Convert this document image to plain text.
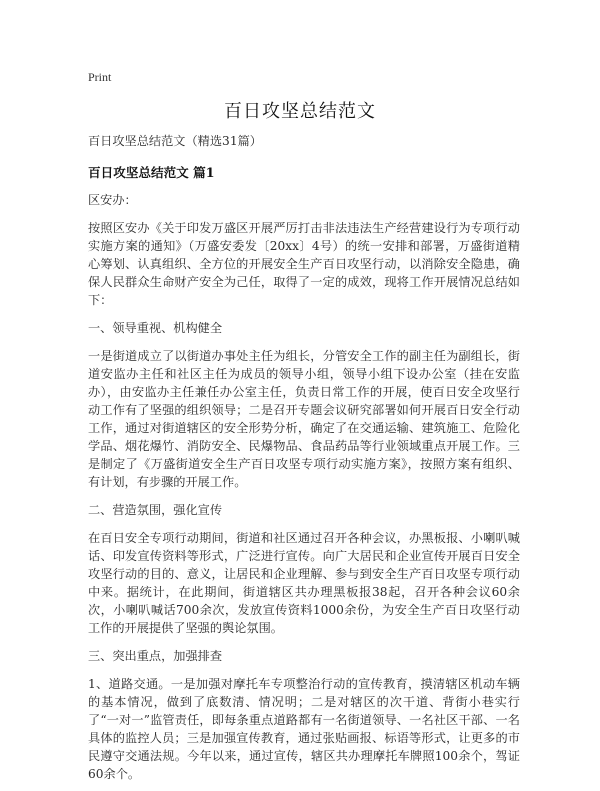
Print
百日攻坚总结范文

百日攻坚总结范文（精选31篇）

百日攻坚总结范文 篇1

区安办：

按照区安办《关于印发万盛区开展严厉打击非法违法生产经营建设行为专项行动实施方案的通知》（万盛安委发〔20xx〕4号）的统一安排和部署，万盛街道精心筹划、认真组织、全方位的开展安全生产百日攻坚行动，以消除安全隐患，确保人民群众生命财产安全为己任，取得了一定的成效，现将工作开展情况总结如下：

一、领导重视、机构健全

一是街道成立了以街道办事处主任为组长，分管安全工作的副主任为副组长，街道安监办主任和社区主任为成员的领导小组，领导小组下设办公室（挂在安监办），由安监办主任兼任办公室主任，负责日常工作的开展，使百日安全攻坚行动工作有了坚强的组织领导；二是召开专题会议研究部署如何开展百日安全行动工作，通过对街道辖区的安全形势分析，确定了在交通运输、建筑施工、危险化学品、烟花爆竹、消防安全、民爆物品、食品药品等行业领域重点开展工作。三是制定了《万盛街道安全生产百日攻坚专项行动实施方案》，按照方案有组织、有计划，有步骤的开展工作。

二、营造氛围，强化宣传

在百日安全专项行动期间，街道和社区通过召开各种会议，办黑板报、小喇叭喊话、印发宣传资料等形式，广泛进行宣传。向广大居民和企业宣传开展百日安全攻坚行动的目的、意义，让居民和企业理解、参与到安全生产百日攻坚专项行动中来。据统计，在此期间，街道辖区共办理黑板报38起，召开各种会议60余次，小喇叭喊话700余次，发放宣传资料1000余份，为安全生产百日攻坚行动工作的开展提供了坚强的舆论氛围。

三、突出重点，加强排查

1、道路交通。一是加强对摩托车专项整治行动的宣传教育，摸清辖区机动车辆的基本情况，做到了底数清、情况明；二是对辖区的次干道、背街小巷实行了“一对一”监管责任，即每条重点道路都有一名街道领导、一名社区干部、一名具体的监控人员；三是加强宣传教育，通过张贴画报、标语等形式，让更多的市民遵守交通法规。今年以来，通过宣传，辖区共办理摩托车牌照100余个，驾证60余个。
